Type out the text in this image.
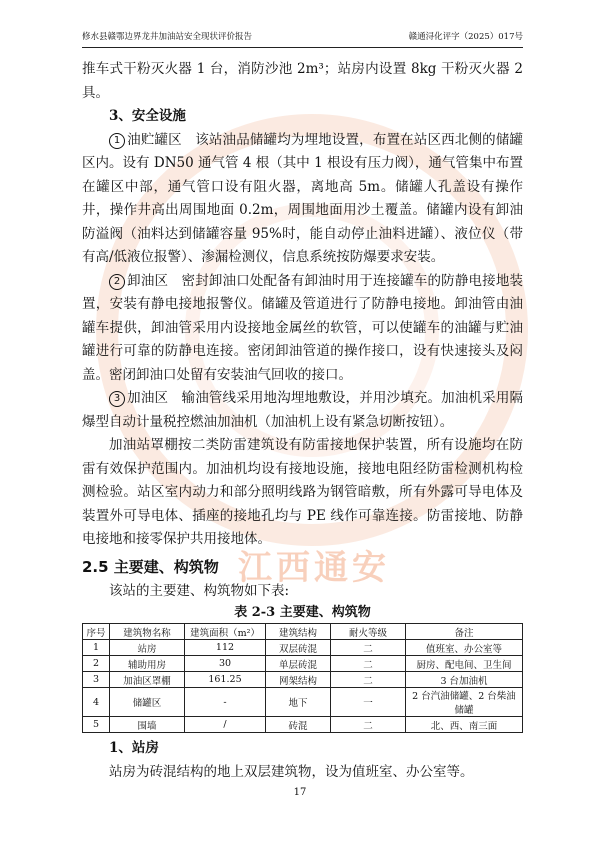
江西通安
修水县赣鄂边界龙井加油站安全现状评价报告	赣通浔化评字（2025）017号

推车式干粉灭火器 1 台，消防沙池 2m³；站房内设置 8kg 干粉灭火器 2 具。

3、安全设施

1 油贮罐区 该站油品储罐均为埋地设置，布置在站区西北侧的储罐区内。设有 DN50 通气管 4 根（其中 1 根设有压力阀），通气管集中布置在罐区中部，通气管口设有阻火器，离地高 5m。储罐人孔盖设有操作井，操作井高出周围地面 0.2m，周围地面用沙土覆盖。储罐内设有卸油防溢阀（油料达到储罐容量 95%时，能自动停止油料进罐）、液位仪（带有高/低液位报警）、渗漏检测仪，信息系统按防爆要求安装。

2 卸油区 密封卸油口处配备有卸油时用于连接罐车的防静电接地装置，安装有静电接地报警仪。储罐及管道进行了防静电接地。卸油管由油罐车提供，卸油管采用内设接地金属丝的软管，可以使罐车的油罐与贮油罐进行可靠的防静电连接。密闭卸油管道的操作接口，设有快速接头及闷盖。密闭卸油口处留有安装油气回收的接口。

3 加油区 输油管线采用地沟埋地敷设，并用沙填充。加油机采用隔爆型自动计量税控燃油加油机（加油机上设有紧急切断按钮）。

加油站罩棚按二类防雷建筑设有防雷接地保护装置，所有设施均在防雷有效保护范围内。加油机均设有接地设施，接地电阻经防雷检测机构检测检验。站区室内动力和部分照明线路为钢管暗敷，所有外露可导电体及装置外可导电体、插座的接地孔均与 PE 线作可靠连接。防雷接地、防静电接地和接零保护共用接地体。

2.5 主要建、构筑物

该站的主要建、构筑物如下表:

表 2-3 主要建、构筑物

序号	建筑物名称	建筑面积（m²）	建筑结构	耐火等级	备注
1	站房	112	双层砖混	二	值班室、办公室等
2	辅助用房	30	单层砖混	二	厨房、配电间、卫生间
3	加油区罩棚	161.25	网架结构	二	3 台加油机
4	储罐区	-	地下	一	2 台汽油储罐、2 台柴油储罐
5	围墙	/	砖混	二	北、西、南三面

1、站房

站房为砖混结构的地上双层建筑物，设为值班室、办公室等。

17
